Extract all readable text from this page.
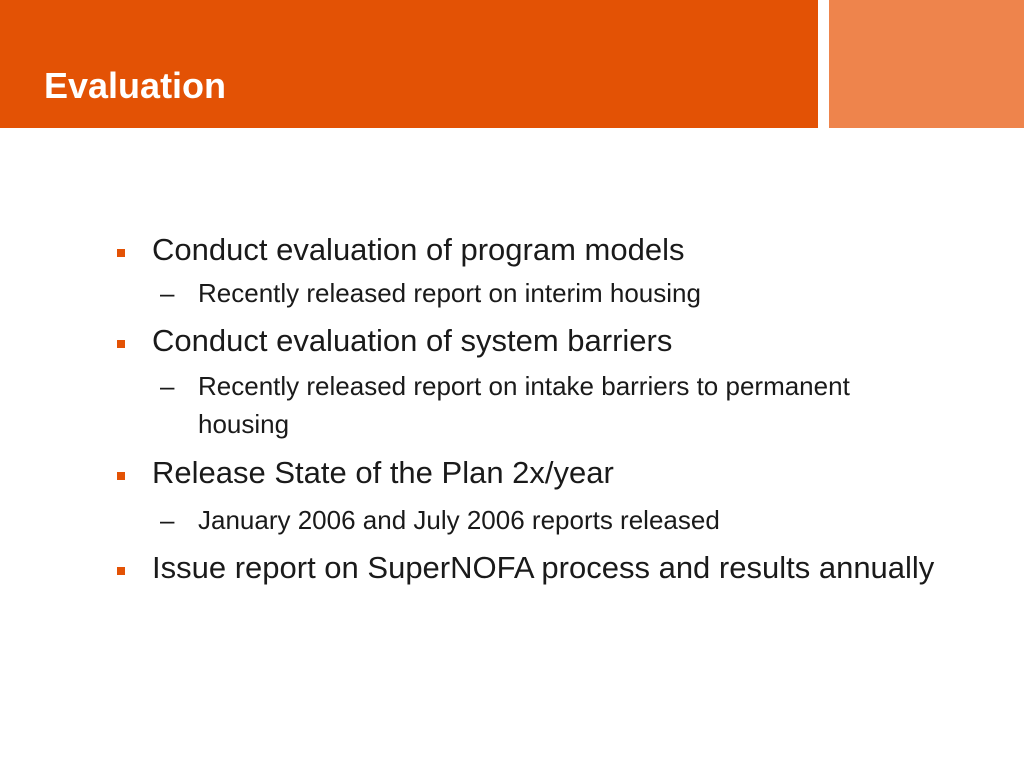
Evaluation
Conduct evaluation of program models
– Recently released report on interim housing
Conduct evaluation of system barriers
– Recently released report on intake barriers to permanent housing
Release State of the Plan 2x/year
– January 2006 and July 2006 reports released
Issue report on SuperNOFA process and results annually
